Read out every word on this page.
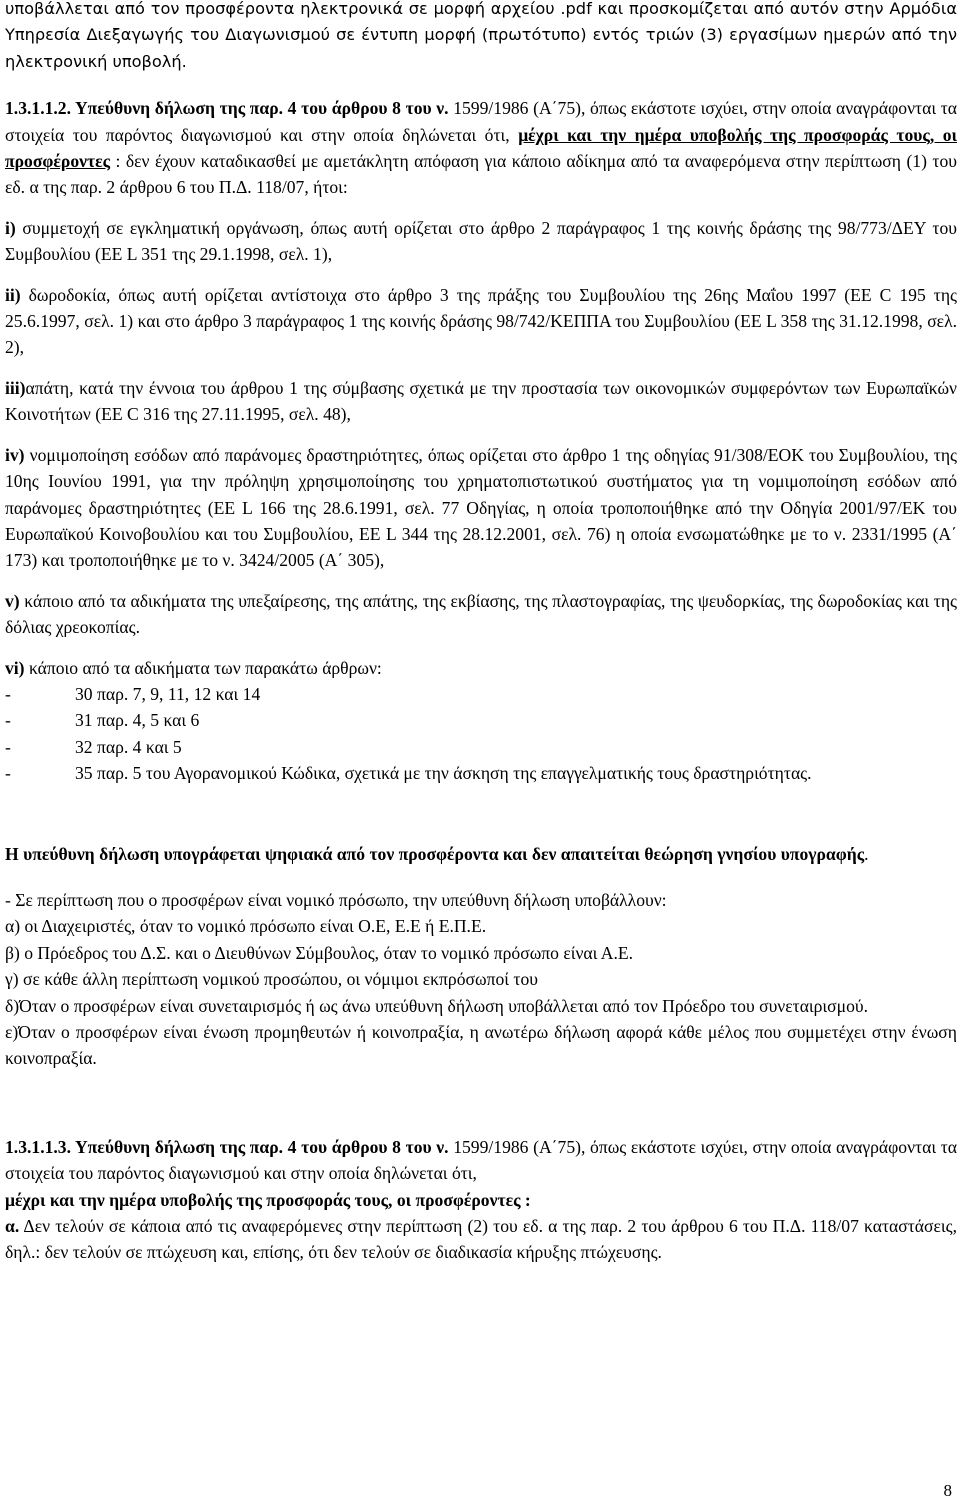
υποβάλλεται από τον προσφέροντα ηλεκτρονικά σε μορφή αρχείου .pdf και προσκομίζεται από αυτόν στην Αρμόδια Υπηρεσία Διεξαγωγής του Διαγωνισμού σε έντυπη μορφή (πρωτότυπο) εντός τριών (3) εργασίμων ημερών από την ηλεκτρονική υποβολή.

1.3.1.1.2. Υπεύθυνη δήλωση της παρ. 4 του άρθρου 8 του ν. 1599/1986 (Α΄75), όπως εκάστοτε ισχύει, στην οποία αναγράφονται τα στοιχεία του παρόντος διαγωνισμού και στην οποία δηλώνεται ότι, μέχρι και την ημέρα υποβολής της προσφοράς τους, οι προσφέροντες : δεν έχουν καταδικασθεί με αμετάκλητη απόφαση για κάποιο αδίκημα από τα αναφερόμενα στην περίπτωση (1) του εδ. α της παρ. 2 άρθρου 6 του Π.Δ. 118/07, ήτοι:

i) συμμετοχή σε εγκληματική οργάνωση, όπως αυτή ορίζεται στο άρθρο 2 παράγραφος 1 της κοινής δράσης της 98/773/ΔΕΥ του Συμβουλίου (ΕΕ L 351 της 29.1.1998, σελ. 1),

ii) δωροδοκία, όπως αυτή ορίζεται αντίστοιχα στο άρθρο 3 της πράξης του Συμβουλίου της 26ης Μαΐου 1997 (ΕΕ C 195 της 25.6.1997, σελ. 1) και στο άρθρο 3 παράγραφος 1 της κοινής δράσης 98/742/ΚΕΠΠΑ του Συμβουλίου (ΕΕ L 358 της 31.12.1998, σελ. 2),

iii)απάτη, κατά την έννοια του άρθρου 1 της σύμβασης σχετικά με την προστασία των οικονομικών συμφερόντων των Ευρωπαϊκών Κοινοτήτων (ΕΕ C 316 της 27.11.1995, σελ. 48),

iv) νομιμοποίηση εσόδων από παράνομες δραστηριότητες, όπως ορίζεται στο άρθρο 1 της οδηγίας 91/308/ΕΟΚ του Συμβουλίου, της 10ης Ιουνίου 1991, για την πρόληψη χρησιμοποίησης του χρηματοπιστωτικού συστήματος για τη νομιμοποίηση εσόδων από παράνομες δραστηριότητες (ΕΕ L 166 της 28.6.1991, σελ. 77 Οδηγίας, η οποία τροποποιήθηκε από την Οδηγία 2001/97/ΕΚ του Ευρωπαϊκού Κοινοβουλίου και του Συμβουλίου, ΕΕ L 344 της 28.12.2001, σελ. 76) η οποία ενσωματώθηκε με το ν. 2331/1995 (Α΄ 173) και τροποποιήθηκε με το ν. 3424/2005 (Α΄ 305),

v) κάποιο από τα αδικήματα της υπεξαίρεσης, της απάτης, της εκβίασης, της πλαστογραφίας, της ψευδορκίας, της δωροδοκίας και της δόλιας χρεοκοπίας.

vi) κάποιο από τα αδικήματα των παρακάτω άρθρων:

-	30 παρ. 7, 9, 11, 12 και 14
-	31 παρ. 4, 5 και 6
-	32 παρ. 4 και 5
-	35 παρ. 5 του Αγορανομικού Κώδικα, σχετικά με την άσκηση της επαγγελματικής τους δραστηριότητας.

Η υπεύθυνη δήλωση υπογράφεται ψηφιακά από τον προσφέροντα και δεν απαιτείται θεώρηση γνησίου υπογραφής.

- Σε περίπτωση που ο προσφέρων είναι νομικό πρόσωπο, την υπεύθυνη δήλωση υποβάλλουν:

α) οι Διαχειριστές, όταν το νομικό πρόσωπο είναι Ο.Ε, Ε.Ε ή Ε.Π.Ε.

β) ο Πρόεδρος του Δ.Σ. και ο Διευθύνων Σύμβουλος, όταν το νομικό πρόσωπο είναι Α.Ε.

γ) σε κάθε άλλη περίπτωση νομικού προσώπου, οι νόμιμοι εκπρόσωποί του

δ)Όταν ο προσφέρων είναι συνεταιρισμός ή ως άνω υπεύθυνη δήλωση υποβάλλεται από τον Πρόεδρο του συνεταιρισμού.

ε)Όταν ο προσφέρων είναι ένωση προμηθευτών ή κοινοπραξία, η ανωτέρω δήλωση αφορά κάθε μέλος που συμμετέχει στην ένωση κοινοπραξία.

1.3.1.1.3. Υπεύθυνη δήλωση της παρ. 4 του άρθρου 8 του ν. 1599/1986 (Α΄75), όπως εκάστοτε ισχύει, στην οποία αναγράφονται τα στοιχεία του παρόντος διαγωνισμού και στην οποία δηλώνεται ότι,

μέχρι και την ημέρα υποβολής της προσφοράς τους, οι προσφέροντες :

α. Δεν τελούν σε κάποια από τις αναφερόμενες στην περίπτωση (2) του εδ. α της παρ. 2 του άρθρου 6 του Π.Δ. 118/07 καταστάσεις, δηλ.: δεν τελούν σε πτώχευση και, επίσης, ότι δεν τελούν σε διαδικασία κήρυξης πτώχευσης.

8
